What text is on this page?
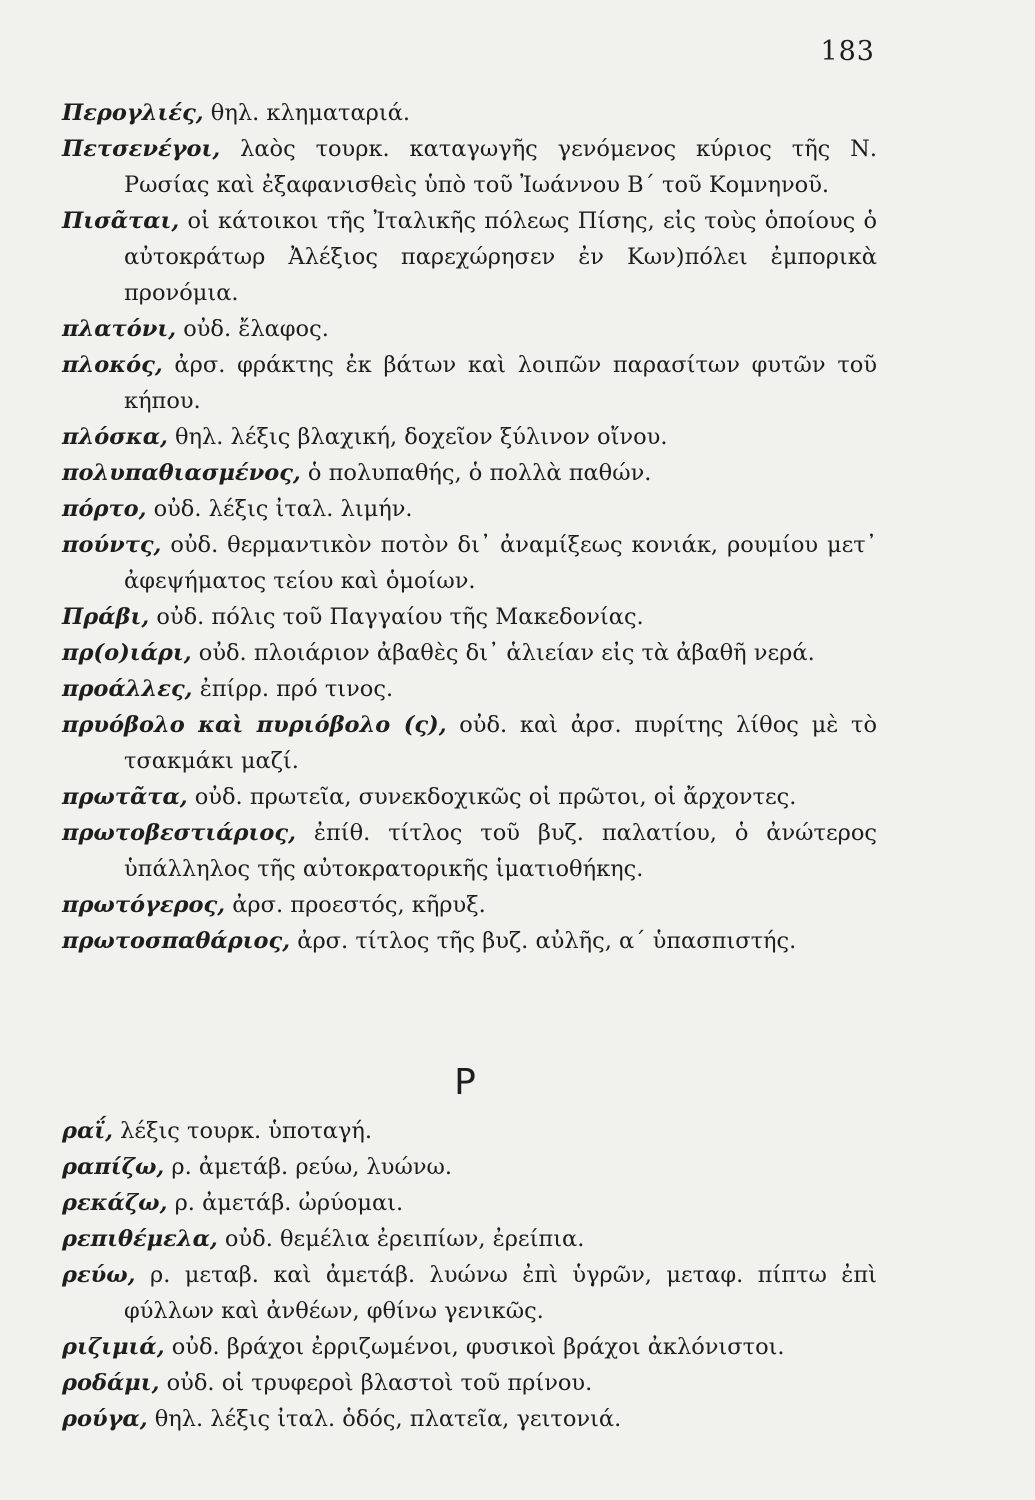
183

Περογλιές, θηλ. κληματαριά.

Πετσενέγοι, λαὸς τουρκ. καταγωγῆς γενόμενος κύριος τῆς Ν. Ρωσίας καὶ ἐξαφανισθεὶς ὑπὸ τοῦ Ἰωάννου Β΄ τοῦ Κομνηνοῦ.

Πισᾶται, οἱ κάτοικοι τῆς Ἰταλικῆς πόλεως Πίσης, εἰς τοὺς ὁποίους ὁ αὐτοκράτωρ Ἀλέξιος παρεχώρησεν ἐν Κων)πόλει ἐμπορικὰ προνόμια.

πλατόνι, οὐδ. ἔλαφος.

πλοκός, ἀρσ. φράκτης ἐκ βάτων καὶ λοιπῶν παρασίτων φυτῶν τοῦ κήπου.

πλόσκα, θηλ. λέξις βλαχική, δοχεῖον ξύλινον οἴνου.

πολυπαθιασμένος, ὁ πολυπαθής, ὁ πολλὰ παθών.

πόρτο, οὐδ. λέξις ἰταλ. λιμήν.

πούντς, οὐδ. θερμαντικὸν ποτὸν δι᾽ ἀναμίξεως κονιάκ, ρουμίου μετ᾽ ἀφεψήματος τείου καὶ ὁμοίων.

Πράβι, οὐδ. πόλις τοῦ Παγγαίου τῆς Μακεδονίας.

πρ(ο)ιάρι, οὐδ. πλοιάριον ἀβαθὲς δι᾽ ἁλιείαν εἰς τὰ ἀβαθῆ νερά.

προάλλες, ἐπίρρ. πρό τινος.

πρυόβολο καὶ πυριόβολο (ς), οὐδ. καὶ ἀρσ. πυρίτης λίθος μὲ τὸ τσακμάκι μαζί.

πρωτᾶτα, οὐδ. πρωτεῖα, συνεκδοχικῶς οἱ πρῶτοι, οἱ ἄρχοντες.

πρωτοβεστιάριος, ἐπίθ. τίτλος τοῦ βυζ. παλατίου, ὁ ἀνώτερος ὑπάλληλος τῆς αὐτοκρατορικῆς ἱματιοθήκης.

πρωτόγερος, ἀρσ. προεστός, κῆρυξ.

πρωτοσπαθάριος, ἀρσ. τίτλος τῆς βυζ. αὐλῆς, α΄ ὑπασπιστής.

Ρ

ραΐ, λέξις τουρκ. ὑποταγή.

ραπίζω, ρ. ἀμετάβ. ρεύω, λυώνω.

ρεκάζω, ρ. ἀμετάβ. ὠρύομαι.

ρεπιθέμελα, οὐδ. θεμέλια ἐρειπίων, ἐρείπια.

ρεύω, ρ. μεταβ. καὶ ἀμετάβ. λυώνω ἐπὶ ὑγρῶν, μεταφ. πίπτω ἐπὶ φύλλων καὶ ἀνθέων, φθίνω γενικῶς.

ριζιμιά, οὐδ. βράχοι ἐρριζωμένοι, φυσικοὶ βράχοι ἀκλόνιστοι.

ροδάμι, οὐδ. οἱ τρυφεροὶ βλαστοὶ τοῦ πρίνου.

ρούγα, θηλ. λέξις ἰταλ. ὁδός, πλατεῖα, γειτονιά.
